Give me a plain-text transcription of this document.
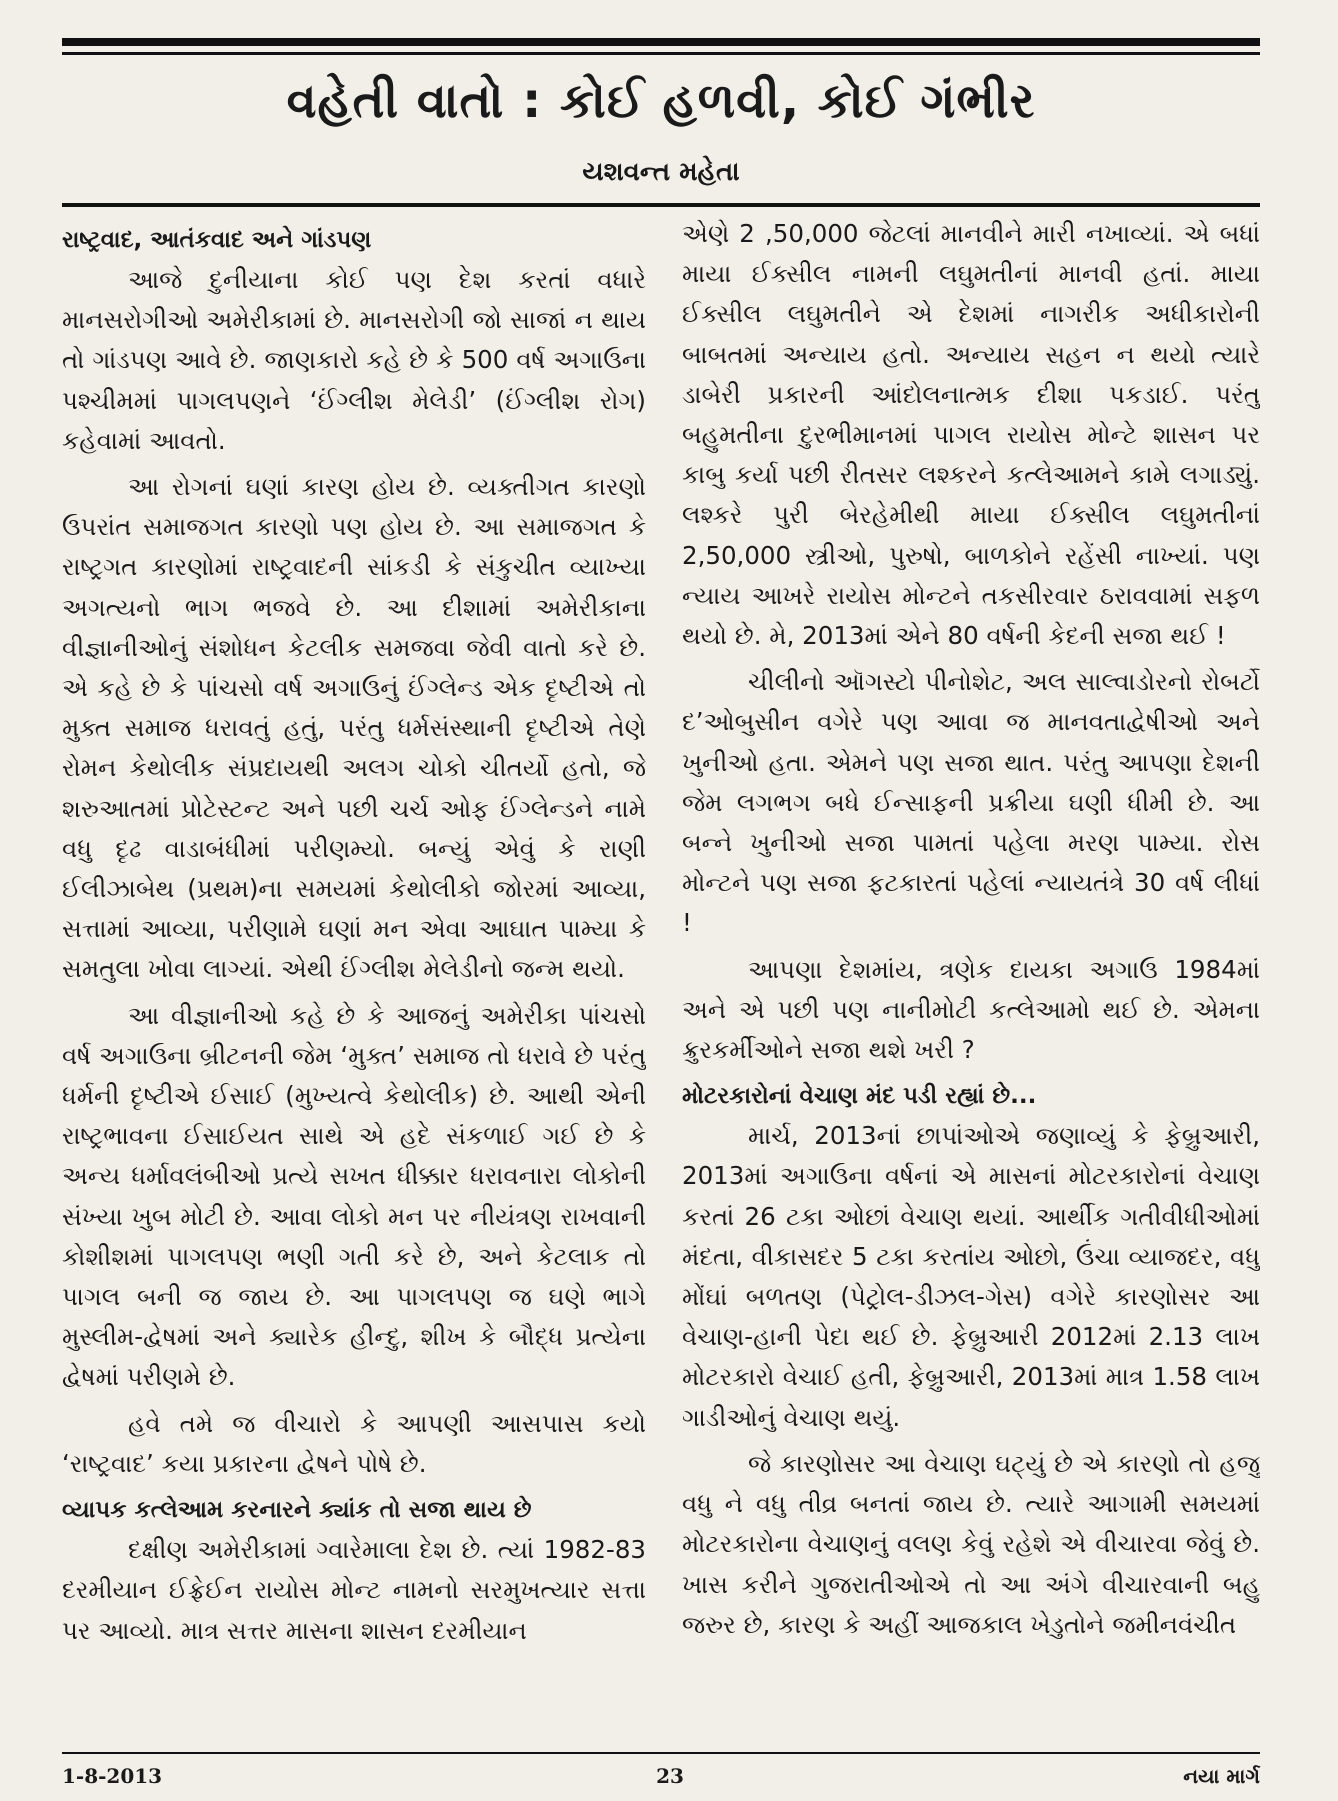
વહેતી વાતો : કોઈ હળવી, કોઈ ગંભીર
યશવન્ત મહેતા
રાષ્ટ્રવાદ, આતંકવાદ અને ગાંડપણ

આજે દુનીયાના કોઈ પણ દેશ કરતાં વધારે માનસરોગીઓ અમેરીકામાં છે. માનસરોગી જો સાજાં ન થાય તો ગાંડપણ આવે છે. જાણકારો કહે છે કે 500 વર્ષ અગાઉના પશ્ચીમમાં પાગલપણને ‘ઈંગ્લીશ મેલેડી’ (ઈંગ્લીશ રોગ) કહેવામાં આવતો.

આ રોગનાં ઘણાં કારણ હોય છે. વ્યક્તીગત કારણો ઉપરાંત સમાજગત કારણો પણ હોય છે. આ સમાજગત કે રાષ્ટ્રગત કારણોમાં રાષ્ટ્રવાદની સાંકડી કે સંકુચીત વ્યાખ્યા અગત્યનો ભાગ ભજવે છે. આ દીશામાં અમેરીકાના વીજ્ઞાનીઓનું સંશોધન કેટલીક સમજવા જેવી વાતો કરે છે. એ કહે છે કે પાંચસો વર્ષ અગાઉનું ઈંગ્લેન્ડ એક દૃષ્ટીએ તો મુક્ત સમાજ ધરાવતું હતું, પરંતુ ધર્મસંસ્થાની દૃષ્ટીએ તેણે રોમન કેથોલીક સંપ્રદાયથી અલગ ચોકો ચીતર્યો હતો, જે શરુઆતમાં પ્રોટેસ્ટન્ટ અને પછી ચર્ચ ઓફ ઈંગ્લેન્ડને નામે વધુ દૃઢ વાડાબંધીમાં પરીણમ્યો. બન્યું એવું કે રાણી ઈલીઝાબેથ (પ્રથમ)ના સમયમાં કેથોલીકો જોરમાં આવ્યા, સત્તામાં આવ્યા, પરીણામે ઘણાં મન એવા આઘાત પામ્યા કે સમતુલા ખોવા લાગ્યાં. એથી ઈંગ્લીશ મેલેડીનો જન્મ થયો.

આ વીજ્ઞાનીઓ કહે છે કે આજનું અમેરીકા પાંચસો વર્ષ અગાઉના બ્રીટનની જેમ ‘મુક્ત’ સમાજ તો ધરાવે છે પરંતુ ધર્મની દૃષ્ટીએ ઈસાઈ (મુખ્યત્વે કેથોલીક) છે. આથી એની રાષ્ટ્રભાવના ઈસાઈયત સાથે એ હદે સંકળાઈ ગઈ છે કે અન્ય ધર્માવલંબીઓ પ્રત્યે સખત ધીક્કાર ધરાવનારા લોકોની સંખ્યા ખુબ મોટી છે. આવા લોકો મન પર નીયંત્રણ રાખવાની કોશીશમાં પાગલપણ ભણી ગતી કરે છે, અને કેટલાક તો પાગલ બની જ જાય છે. આ પાગલપણ જ ઘણે ભાગે મુસ્લીમ-દ્વેષમાં અને ક્યારેક હીન્દુ, શીખ કે બૌદ્ધ પ્રત્યેના દ્વેષમાં પરીણમે છે.

હવે તમે જ વીચારો કે આપણી આસપાસ કયો ‘રાષ્ટ્રવાદ’ કયા પ્રકારના દ્વેષને પોષે છે.

વ્યાપક કત્લેઆમ કરનારને ક્યાંક તો સજા થાય છે

દક્ષીણ અમેરીકામાં ગ્વારેમાલા દેશ છે. ત્યાં 1982-83 દરમીયાન ઈફ્રેઈન રાયોસ મોન્ટ નામનો સરમુખત્યાર સત્તા પર આવ્યો. માત્ર સત્તર માસના શાસન દરમીયાન

એણે 2 ,50,000 જેટલાં માનવીને મારી નખાવ્યાં. એ બધાં માયા ઈક્સીલ નામની લઘુમતીનાં માનવી હતાં. માયા ઈક્સીલ લઘુમતીને એ દેશમાં નાગરીક અધીકારોની બાબતમાં અન્યાય હતો. અન્યાય સહન ન થયો ત્યારે ડાબેરી પ્રકારની આંદોલનાત્મક દીશા પકડાઈ. પરંતુ બહુમતીના દુરભીમાનમાં પાગલ રાયોસ મોન્ટે શાસન પર કાબુ કર્યા પછી રીતસર લશ્કરને કત્લેઆમને કામે લગાડ્યું. લશ્કરે પુરી બેરહેમીથી માયા ઈક્સીલ લઘુમતીનાં 2,50,000 સ્ત્રીઓ, પુરુષો, બાળકોને રહેંસી નાખ્યાં. પણ ન્યાય આખરે રાયોસ મોન્ટને તકસીરવાર ઠરાવવામાં સફળ થયો છે. મે, 2013માં એને 80 વર્ષની કેદની સજા થઈ !

ચીલીનો ઑગસ્ટો પીનોશેટ, અલ સાલ્વાડોરનો રોબર્ટો દ’ઓબુસીન વગેરે પણ આવા જ માનવતાદ્વેષીઓ અને ખુનીઓ હતા. એમને પણ સજા થાત. પરંતુ આપણા દેશની જેમ લગભગ બધે ઈન્સાફની પ્રક્રીયા ઘણી ધીમી છે. આ બન્ને ખુનીઓ સજા પામતાં પહેલા મરણ પામ્યા. રોસ મોન્ટને પણ સજા ફટકારતાં પહેલાં ન્યાયતંત્રે 30 વર્ષ લીધાં !

આપણા દેશમાંય, ત્રણેક દાયકા અગાઉ 1984માં અને એ પછી પણ નાનીમોટી કત્લેઆમો થઈ છે. એમના ક્રુરકર્મીઓને સજા થશે ખરી ?

મોટરકારોનાં વેચાણ મંદ પડી રહ્યાં છે...

માર્ચ, 2013નાં છાપાંઓએ જણાવ્યું કે ફેબ્રુઆરી, 2013માં અગાઉના વર્ષનાં એ માસનાં મોટરકારોનાં વેચાણ કરતાં 26 ટકા ઓછાં વેચાણ થયાં. આર્થીક ગતીવીધીઓમાં મંદતા, વીકાસદર 5 ટકા કરતાંય ઓછો, ઉંચા વ્યાજદર, વધુ મોંઘાં બળતણ (પેટ્રોલ-ડીઝલ-ગેસ) વગેરે કારણોસર આ વેચાણ-હાની પેદા થઈ છે. ફેબ્રુઆરી 2012માં 2.13 લાખ મોટરકારો વેચાઈ હતી, ફેબ્રુઆરી, 2013માં માત્ર 1.58 લાખ ગાડીઓનું વેચાણ થયું.

જે કારણોસર આ વેચાણ ઘટ્યું છે એ કારણો તો હજુ વધુ ને વધુ તીવ્ર બનતાં જાય છે. ત્યારે આગામી સમયમાં મોટરકારોના વેચાણનું વલણ કેવું રહેશે એ વીચારવા જેવું છે. ખાસ કરીને ગુજરાતીઓએ તો આ અંગે વીચારવાની બહુ જરુર છે, કારણ કે અહીં આજકાલ ખેડુતોને જમીનવંચીત

1-8-2013	23	નયા માર્ગ
